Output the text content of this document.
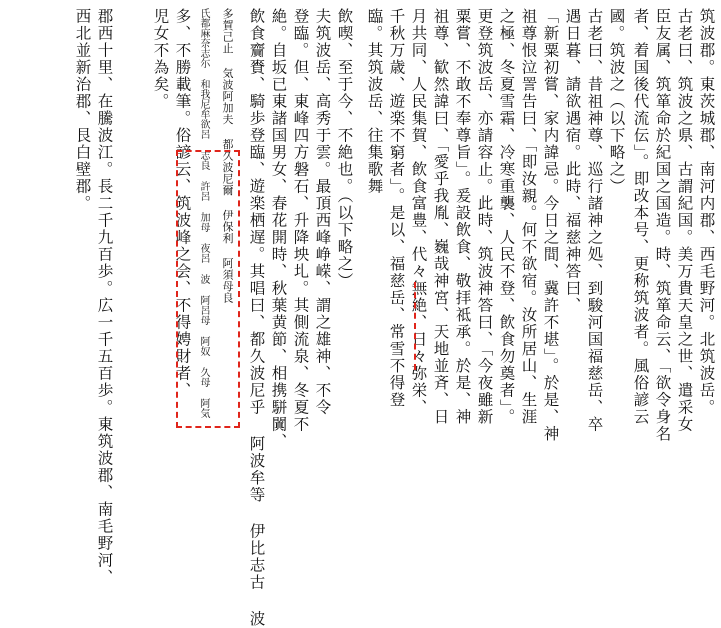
筑波郡。東茨城郡、南河内郡、西毛野河。北筑波岳。
古老曰、筑波之県、古謂紀国。美万貴天皇之世、遣采女
臣友属、筑箪命於紀国之国造。時、筑箪命云、「欲令身名
者、着国後代流伝」。即改本号、更称筑波者。風俗諺云
國。筑波之（以下略之）
古老曰、昔祖神尊、巡行諸神之処、到駿河国福慈岳、卒
遇日暮、請欲遇宿。此時、福慈神答曰、
「新粟初嘗、家内諱忌。今日之間、冀許不堪」。於是、神
祖尊恨泣詈告曰、「即汝親。何不欲宿。汝所居山、生涯
之極、冬夏雪霜、冷寒重襲、人民不登、飲食勿奠者」。
更登筑波岳、亦請容止。此時、筑波神答曰、「今夜雖新
粟嘗、不敢不奉尊旨」。爰設飲食、敬拝祗承。於是、神
祖尊、歓然諱曰、「愛乎我胤、巍哉神宮、天地並斉、日
月共同、人民集賀、飲食富豊、代々無絶、日々弥栄、
千秋万歳、遊楽不窮者」。是以、福慈岳、常雪不得登
臨。其筑波岳、往集歌舞
飲喫、至于今、不絶也。（以下略之）
夫筑波岳、高秀于雲。最頂西峰峥嵘、謂之雄神、不令
登臨。但、東峰四方磐石、升降坱圠。其側流泉、冬夏不
絶。自坂已東諸国男女、春花開時、秋葉黄節、相携駢闐、
飲食齎賚、騎歩登臨、遊楽栖遅。其唱曰、都久波尼乎 阿波牟等 伊比志古 波
多賀己止 気波阿加夫 都久波尼爾 伊保利 阿須母良
氏都麻奈志尓 和我尼牟欲呂 志良 許呂 加母 夜呂 波 阿呂母 阿奴 久母 阿気
多、不勝載筆。俗諺云、筑波峰之会、不得娉財者、
児女不為矣。
郡西十里、在騰波江。長二千九百歩。広一千五百歩。東筑波郡、南毛野河、
西北並新治郡、艮白壁郡。
